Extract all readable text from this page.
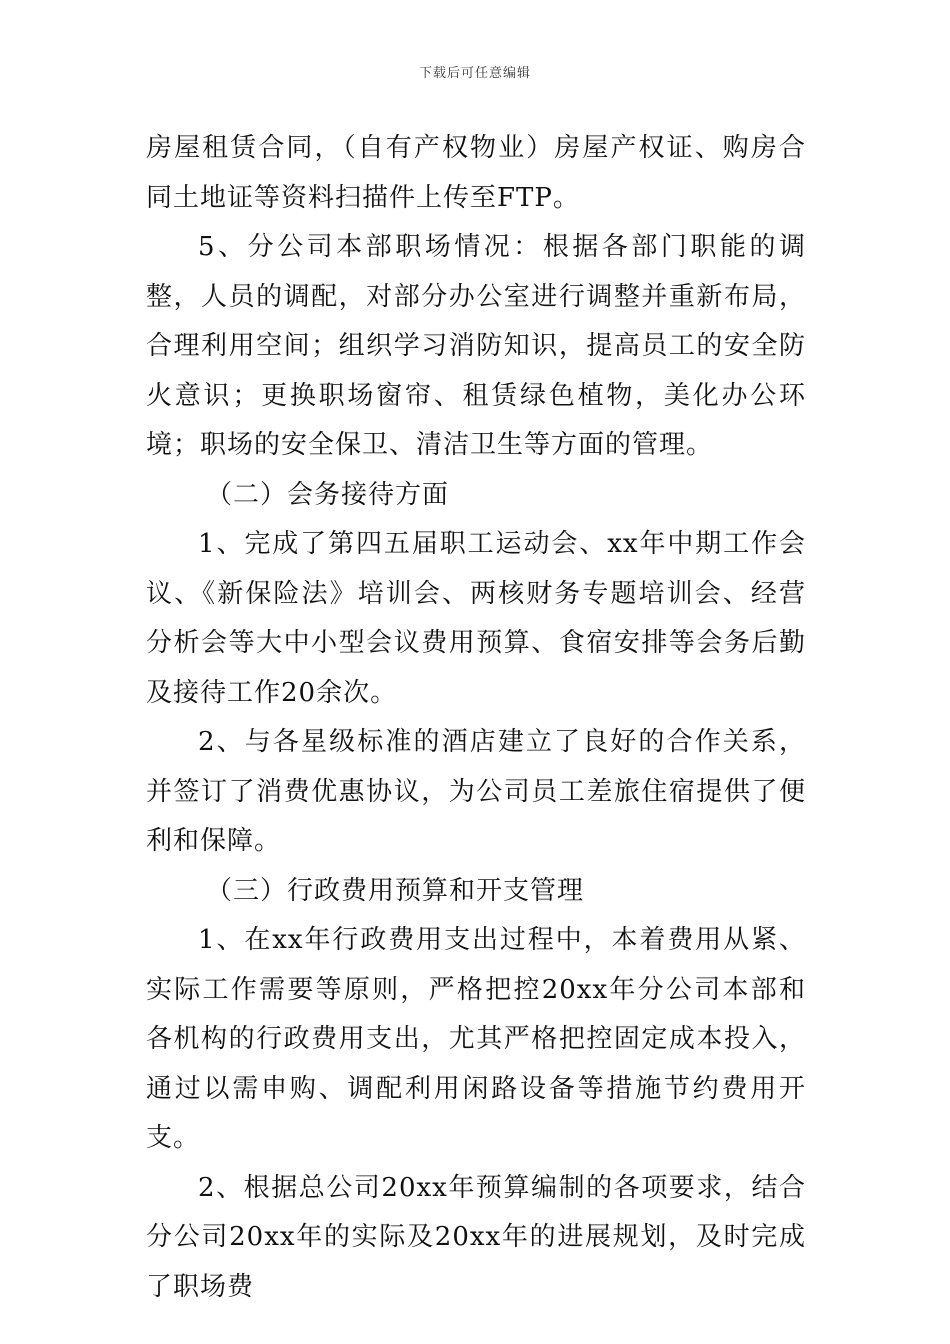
下载后可任意编辑

房屋租赁合同，（自有产权物业）房屋产权证、购房合同土地证等资料扫描件上传至FTP。

5、分公司本部职场情况：根据各部门职能的调整，人员的调配，对部分办公室进行调整并重新布局，合理利用空间；组织学习消防知识，提高员工的安全防火意识；更换职场窗帘、租赁绿色植物，美化办公环境；职场的安全保卫、清洁卫生等方面的管理。

（二）会务接待方面

1、完成了第四五届职工运动会、xx年中期工作会议、《新保险法》培训会、两核财务专题培训会、经营分析会等大中小型会议费用预算、食宿安排等会务后勤及接待工作20余次。

2、与各星级标准的酒店建立了良好的合作关系，并签订了消费优惠协议，为公司员工差旅住宿提供了便利和保障。

（三）行政费用预算和开支管理

1、在xx年行政费用支出过程中，本着费用从紧、实际工作需要等原则，严格把控20xx年分公司本部和各机构的行政费用支出，尤其严格把控固定成本投入，通过以需申购、调配利用闲路设备等措施节约费用开支。

2、根据总公司20xx年预算编制的各项要求，结合分公司20xx年的实际及20xx年的进展规划，及时完成了职场费
